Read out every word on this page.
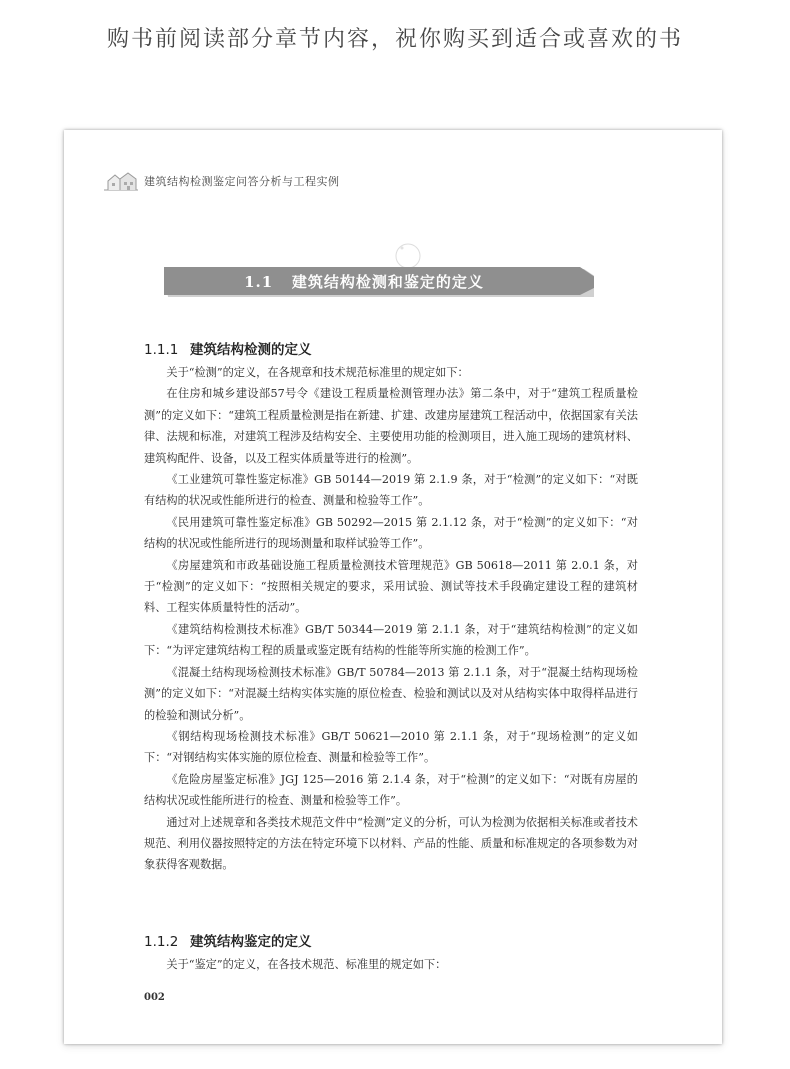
购书前阅读部分章节内容，祝你购买到适合或喜欢的书
建筑结构检测鉴定问答分析与工程实例
1.1 建筑结构检测和鉴定的定义
1.1.1 建筑结构检测的定义

关于“检测”的定义，在各规章和技术规范标准里的规定如下：

在住房和城乡建设部57号令《建设工程质量检测管理办法》第二条中，对于“建筑工程质量检测”的定义如下：“建筑工程质量检测是指在新建、扩建、改建房屋建筑工程活动中，依据国家有关法律、法规和标准，对建筑工程涉及结构安全、主要使用功能的检测项目，进入施工现场的建筑材料、建筑构配件、设备，以及工程实体质量等进行的检测”。

《工业建筑可靠性鉴定标准》GB 50144—2019 第 2.1.9 条，对于“检测”的定义如下：“对既有结构的状况或性能所进行的检查、测量和检验等工作”。

《民用建筑可靠性鉴定标准》GB 50292—2015 第 2.1.12 条，对于“检测”的定义如下：“对结构的状况或性能所进行的现场测量和取样试验等工作”。

《房屋建筑和市政基础设施工程质量检测技术管理规范》GB 50618—2011 第 2.0.1 条，对于“检测”的定义如下：“按照相关规定的要求，采用试验、测试等技术手段确定建设工程的建筑材料、工程实体质量特性的活动”。

《建筑结构检测技术标准》GB/T 50344—2019 第 2.1.1 条，对于“建筑结构检测”的定义如下：“为评定建筑结构工程的质量或鉴定既有结构的性能等所实施的检测工作”。

《混凝土结构现场检测技术标准》GB/T 50784—2013 第 2.1.1 条，对于“混凝土结构现场检测”的定义如下：“对混凝土结构实体实施的原位检查、检验和测试以及对从结构实体中取得样品进行的检验和测试分析”。

《钢结构现场检测技术标准》GB/T 50621—2010 第 2.1.1 条，对于“现场检测”的定义如下：“对钢结构实体实施的原位检查、测量和检验等工作”。

《危险房屋鉴定标准》JGJ 125—2016 第 2.1.4 条，对于“检测”的定义如下：“对既有房屋的结构状况或性能所进行的检查、测量和检验等工作”。

通过对上述规章和各类技术规范文件中“检测”定义的分析，可认为检测为依据相关标准或者技术规范、利用仪器按照特定的方法在特定环境下以材料、产品的性能、质量和标准规定的各项参数为对象获得客观数据。

1.1.2 建筑结构鉴定的定义

关于“鉴定”的定义，在各技术规范、标准里的规定如下：

002
